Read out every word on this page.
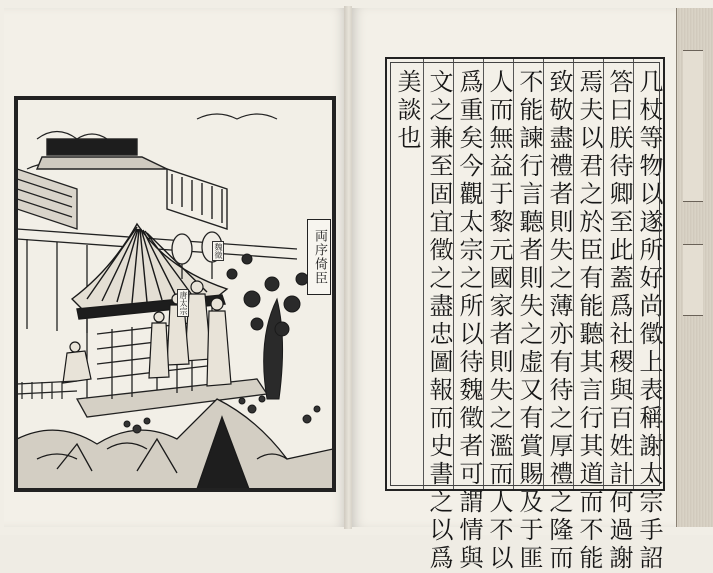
両序倚臣
魏徵
唐太宗	几杖等物以遂所好尚徵上表稱謝太宗手詔
答曰朕待卿至此蓋爲社稷與百姓計何過謝
焉夫以君之於臣有能聽其言行其道而不能
致敬盡禮者則失之薄亦有待之厚禮之隆而
不能諫行言聽者則失之虚又有賞賜及于匪
人而無益于黎元國家者則失之濫而人不以
爲重矣今觀太宗之所以待魏徵者可謂情與
文之兼至固宜徵之盡忠圖報而史書之以爲
美談也
